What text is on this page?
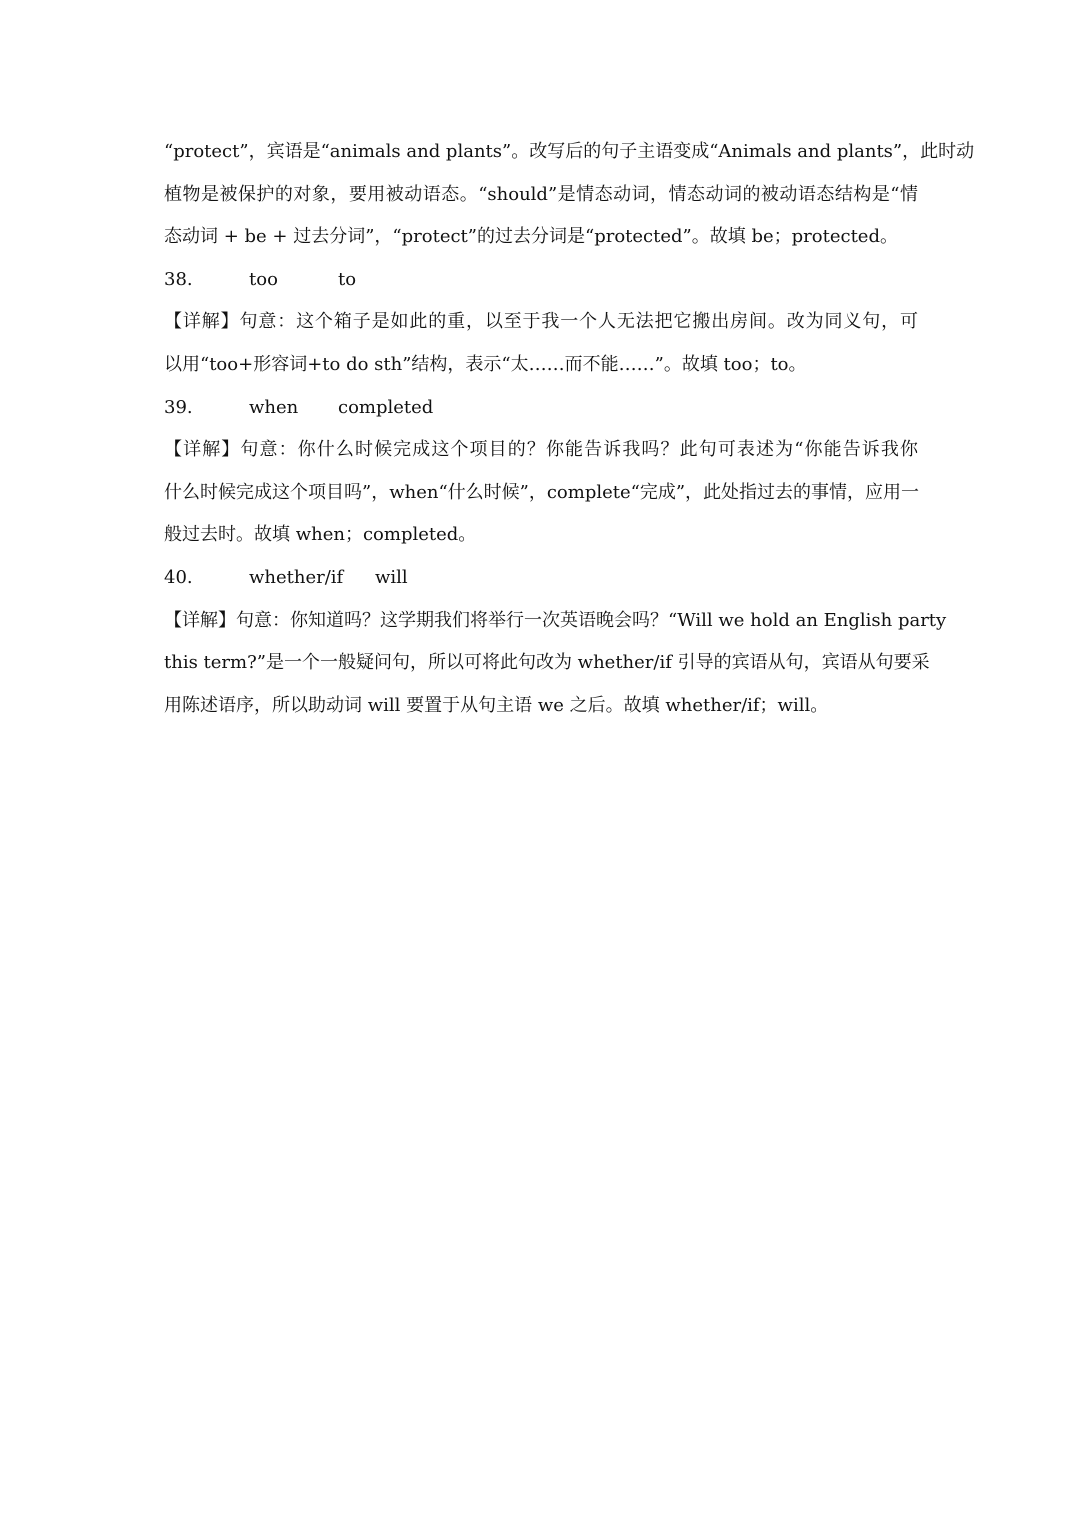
“protect”，宾语是“animals and plants”。改写后的句子主语变成“Animals and plants”，此时动
植物是被保护的对象，要用被动语态。“should”是情态动词，情态动词的被动语态结构是“情
态动词 + be + 过去分词”，“protect”的过去分词是“protected”。故填 be；protected。
38.	too	to
【详解】句意：这个箱子是如此的重，以至于我一个人无法把它搬出房间。改为同义句，可
以用“too+形容词+to do sth”结构，表示“太……而不能……”。故填 too；to。
39.	when	completed
【详解】句意：你什么时候完成这个项目的？你能告诉我吗？此句可表述为“你能告诉我你
什么时候完成这个项目吗”，when“什么时候”，complete“完成”，此处指过去的事情，应用一
般过去时。故填 when；completed。
40.	whether/if	will
【详解】句意：你知道吗？这学期我们将举行一次英语晚会吗？“Will we hold an English party
this term?”是一个一般疑问句，所以可将此句改为 whether/if 引导的宾语从句，宾语从句要采
用陈述语序，所以助动词 will 要置于从句主语 we 之后。故填 whether/if；will。
